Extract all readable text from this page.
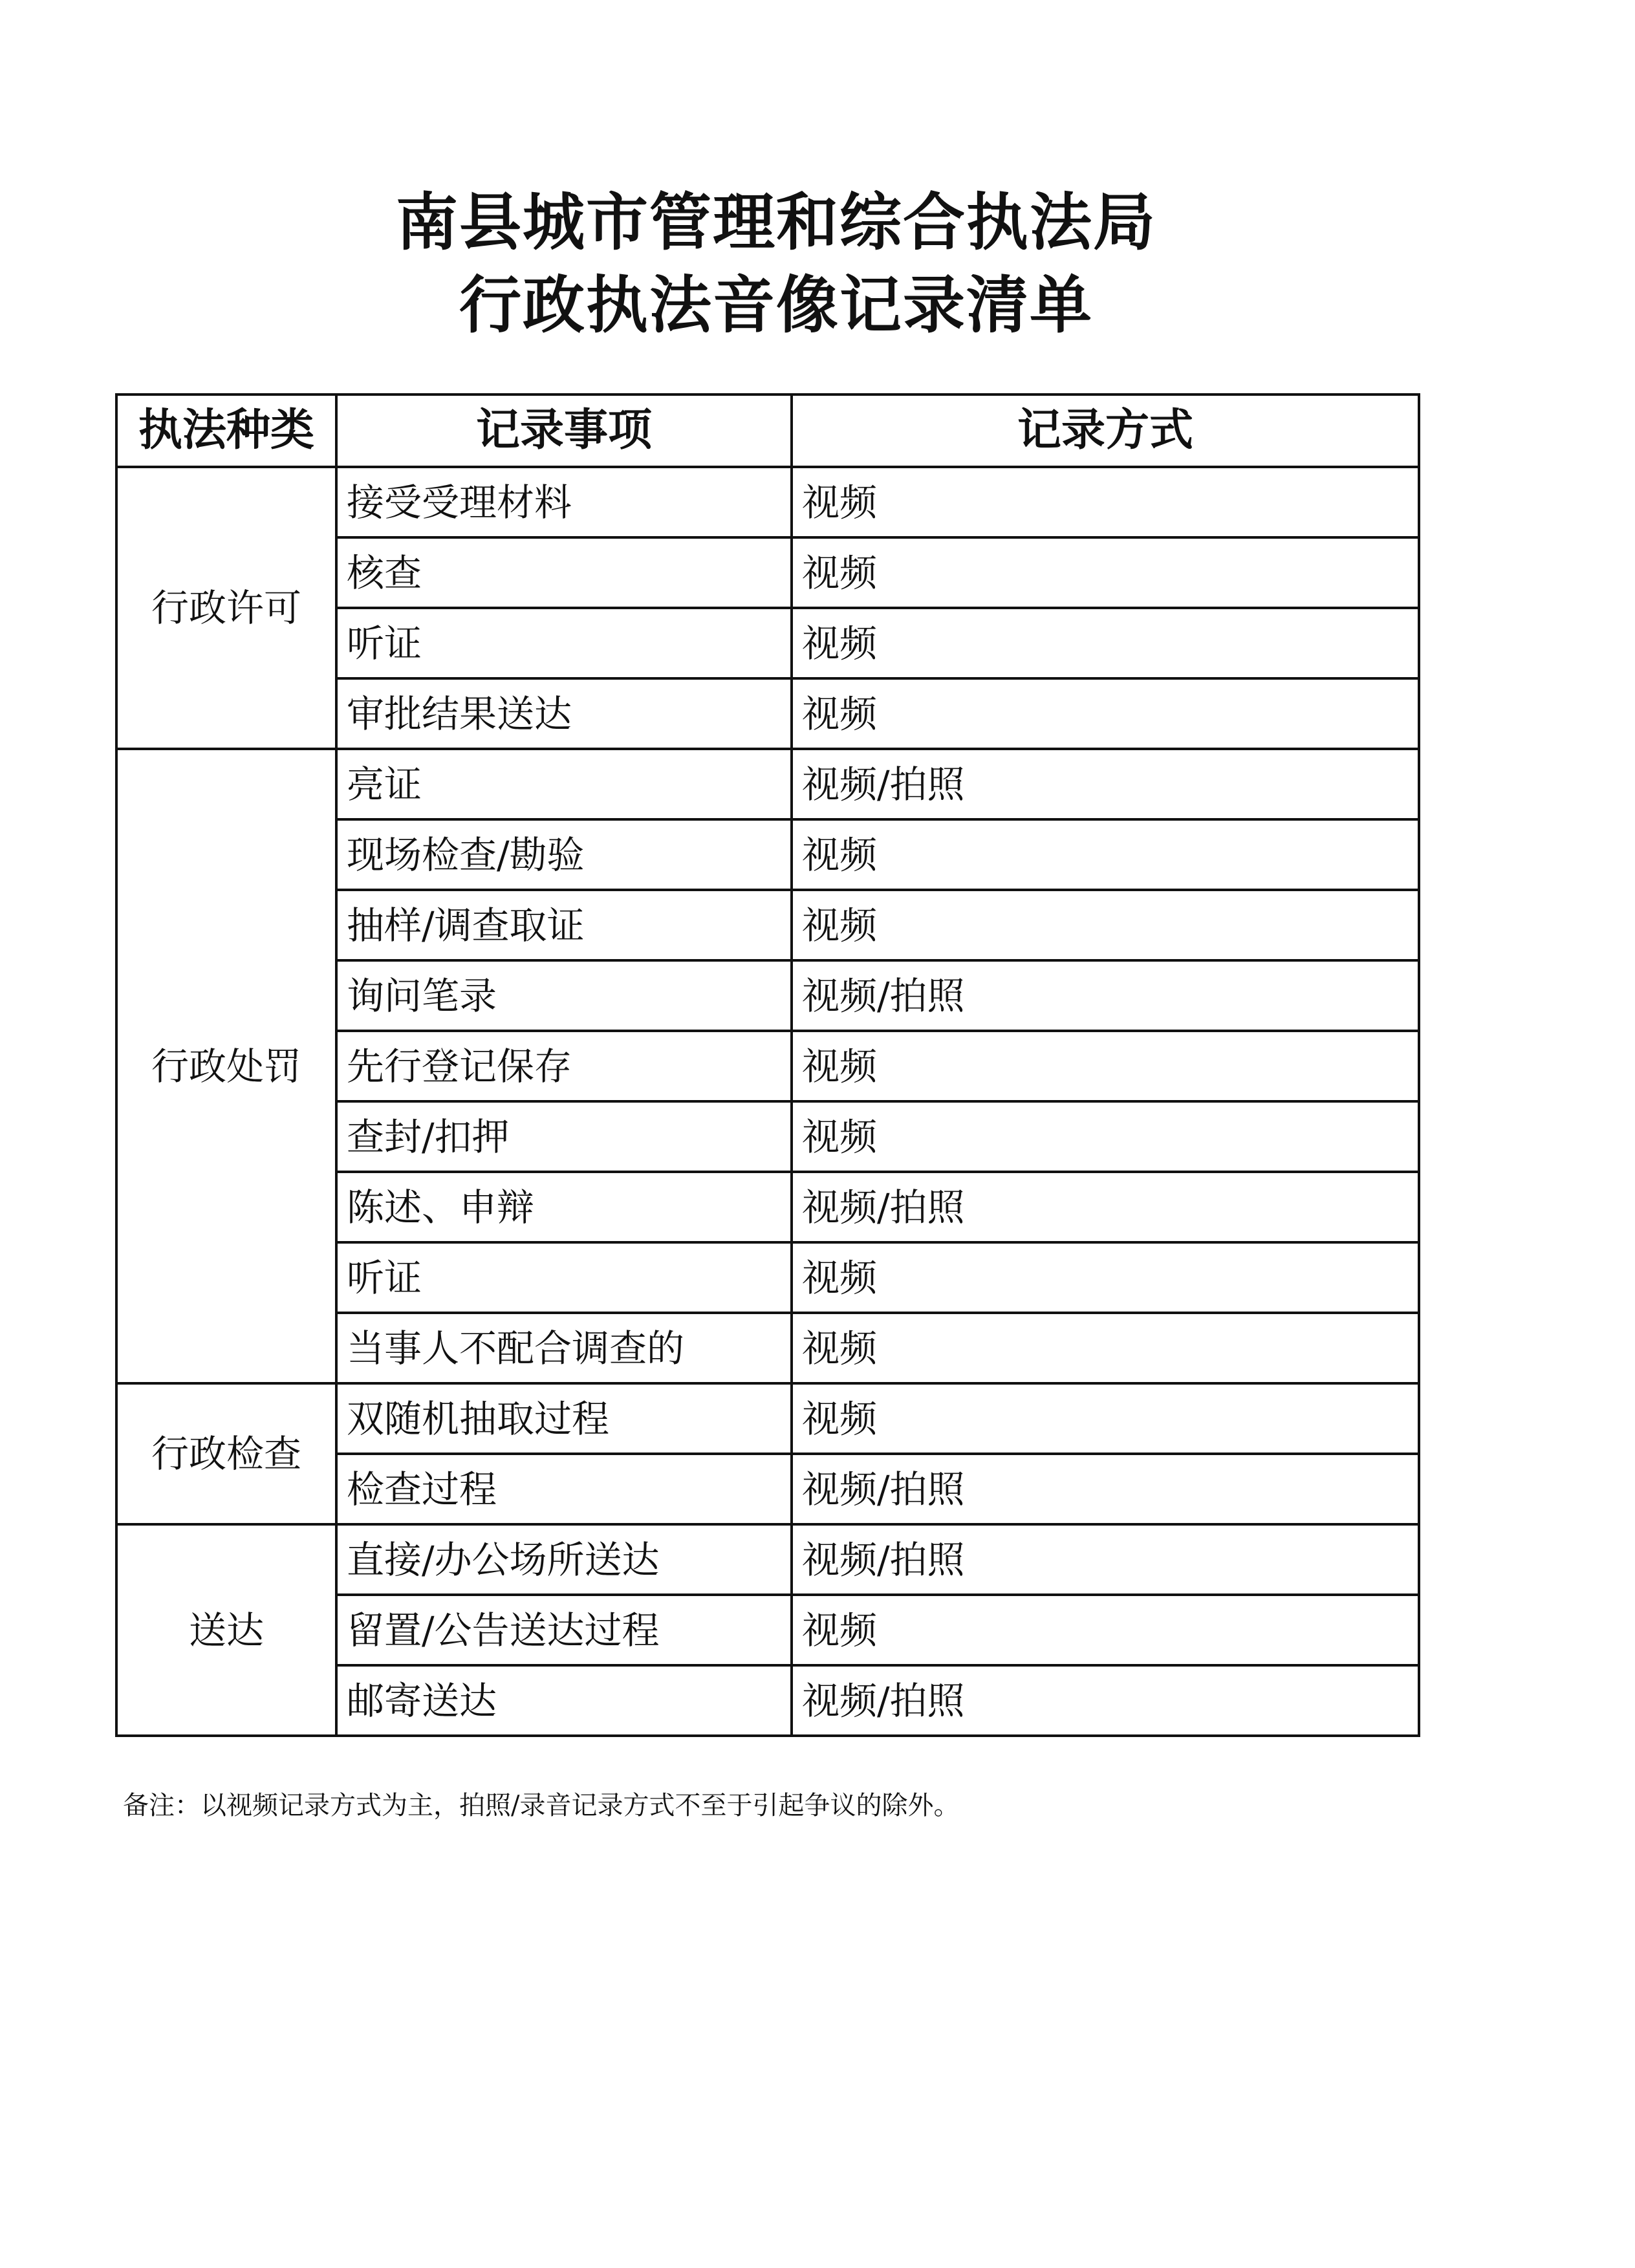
南县城市管理和综合执法局
行政执法音像记录清单
执法种类	记录事项	记录方式
行政许可	接受受理材料	视频
	核查	视频
	听证	视频
	审批结果送达	视频
行政处罚	亮证	视频/拍照
	现场检查/勘验	视频
	抽样/调查取证	视频
	询问笔录	视频/拍照
	先行登记保存	视频
	查封/扣押	视频
	陈述、申辩	视频/拍照
	听证	视频
	当事人不配合调查的	视频
行政检查	双随机抽取过程	视频
	检查过程	视频/拍照
送达	直接/办公场所送达	视频/拍照
	留置/公告送达过程	视频
	邮寄送达	视频/拍照
备注：以视频记录方式为主，拍照/录音记录方式不至于引起争议的除外。
